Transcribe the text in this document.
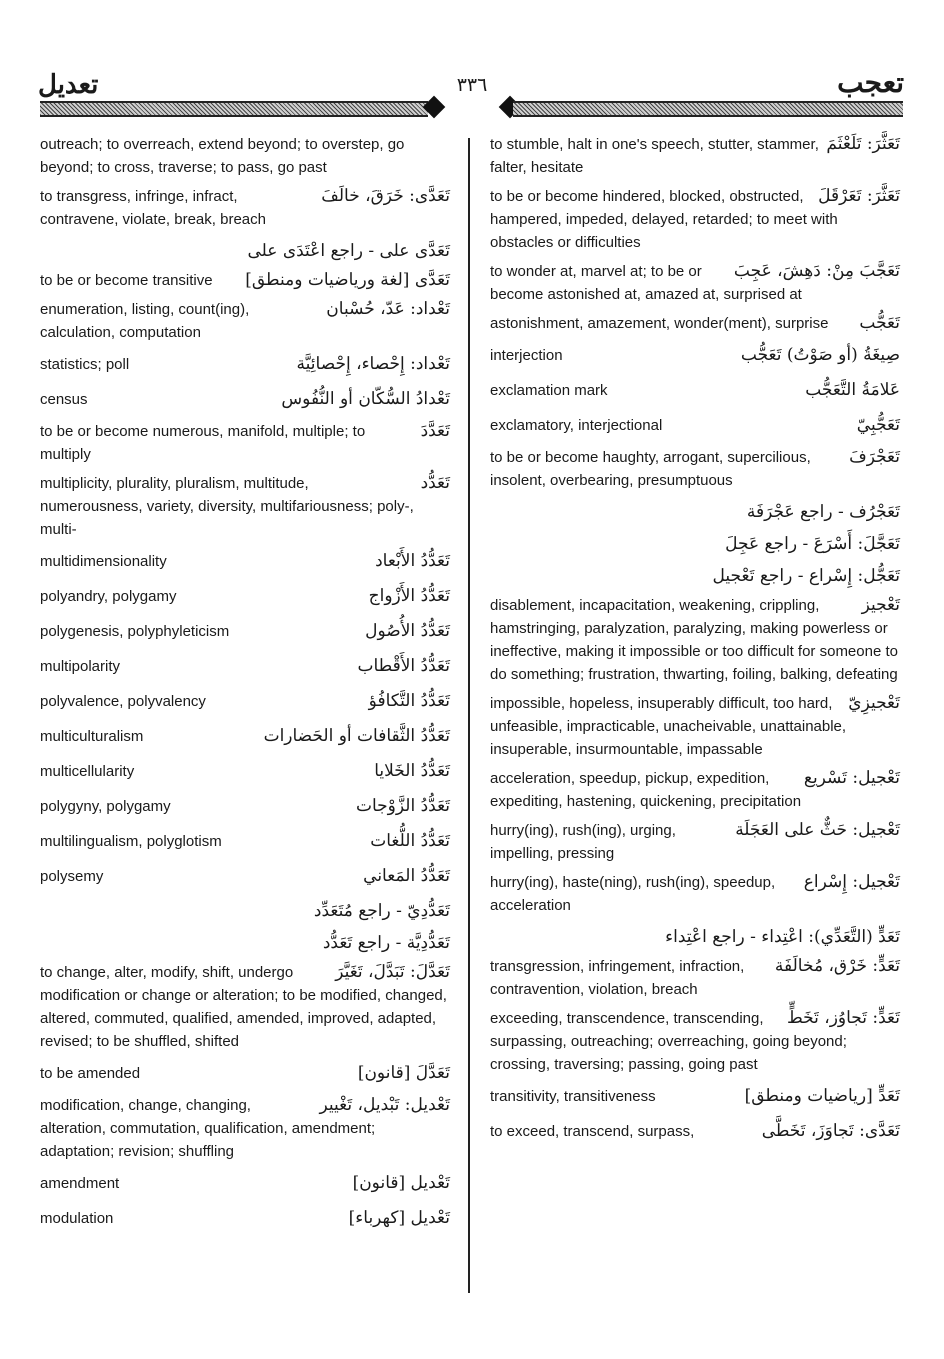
تعديل	٣٣٦	تعجب
outreach; to overreach, extend beyond; to overstep, go beyond; to cross, traverse; to pass, go past
تَعَدَّى: خَرَقَ، خالَفَ
to transgress, infringe, infract, contravene, violate, break, breach
تَعَدَّى على - راجع اعْتَدَى على
تَعَدَّى [لغة ورياضيات ومنطق]
to be or become transitive
تَعْداد: عَدّ، حُسْبان
enumeration, listing, count(ing), calculation, computation
تَعْداد: إِحْصاء، إِحْصائِيَّة
statistics; poll
تَعْدادُ السُّكّان أو النُّفُوس
census
تَعَدَّدَ
to be or become numerous, manifold, multiple; to multiply
تَعَدُّد
multiplicity, plurality, pluralism, multitude, numerousness, variety, diversity, multifariousness; poly-, multi-
تَعَدُّدُ الأَبْعاد
multidimensionality
تَعَدُّدُ الأَزْواج
polyandry, polygamy
تَعَدُّدُ الأُصُول
polygenesis, polyphyleticism
تَعَدُّدُ الأَقْطاب
multipolarity
تَعَدُّدُ التَّكافُؤ
polyvalence, polyvalency
تَعَدُّدُ الثَّقافات أو الحَضارات
multiculturalism
تَعَدُّدُ الخَلايا
multicellularity
تَعَدُّدُ الزَّوْجات
polygyny, polygamy
تَعَدُّدُ اللُّغات
multilingualism, polyglotism
تَعَدُّدُ المَعاني
polysemy
تَعَدُّدِيّ - راجع مُتَعَدِّد
تَعَدُّدِيَّة - راجع تَعَدُّد
تَعَدَّلَ: تَبَدَّلَ، تَغَيَّرَ
to change, alter, modify, shift, undergo modification or change or alteration; to be modified, changed, altered, commuted, qualified, amended, improved, adapted, revised; to be shuffled, shifted
تَعَدَّلَ [قانون]
to be amended
تَعْديل: تَبْديل، تَغْيير
modification, change, changing, alteration, commutation, qualification, amendment; adaptation; revision; shuffling
تَعْديل [قانون]
amendment
تَعْديل [كهرباء]
modulation
تَعَثَّرَ: تَلَعْثَمَ
to stumble, halt in one's speech, stutter, stammer, falter, hesitate
تَعَثَّرَ: تَعَرْقَلَ
to be or become hindered, blocked, obstructed, hampered, impeded, delayed, retarded; to meet with obstacles or difficulties
تَعَجَّبَ مِنْ: دَهِشَ، عَجِبَ
to wonder at, marvel at; to be or become astonished at, amazed at, surprised at
تَعَجُّب
astonishment, amazement, wonder(ment), surprise
صِيغَةُ (أو صَوْتُ) تَعَجُّب
interjection
عَلامَةُ التَّعَجُّب
exclamation mark
تَعَجُّبِيّ
exclamatory, interjectional
تَعَجْرَفَ
to be or become haughty, arrogant, supercilious, insolent, overbearing, presumptuous
تَعَجْرُف - راجع عَجْرَفَة
تَعَجَّلَ: أَسْرَعَ - راجع عَجِلَ
تَعَجُّل: إِسْراع - راجع تَعْجيل
تَعْجيز
disablement, incapacitation, weakening, crippling, hamstringing, paralyzation, paralyzing, making powerless or ineffective, making it impossible or too difficult for someone to do something; frustration, thwarting, foiling, balking, defeating
تَعْجيزِيّ
impossible, hopeless, insuperably difficult, too hard, unfeasible, impracticable, unacheivable, unattainable, insuperable, insurmountable, impassable
تَعْجيل: تَسْريع
acceleration, speedup, pickup, expedition, expediting, hastening, quickening, precipitation
تَعْجيل: حَثٌّ على العَجَلَة
hurry(ing), rush(ing), urging, impelling, pressing
تَعْجيل: إِسْراع
hurry(ing), haste(ning), rush(ing), speedup, acceleration
تَعَدٍّ (التَّعَدِّي): اعْتِداء - راجع اعْتِداء
تَعَدٍّ: خَرْق، مُخالَفَة
transgression, infringement, infraction, contravention, violation, breach
تَعَدٍّ: تَجاوُز، تَخَطٍّ
exceeding, transcendence, transcending, surpassing, outreaching; overreaching, going beyond; crossing, traversing; passing, going past
تَعَدٍّ [رياضيات ومنطق]
transitivity, transitiveness
تَعَدَّى: تَجاوَزَ، تَخَطَّى
to exceed, transcend, surpass,
